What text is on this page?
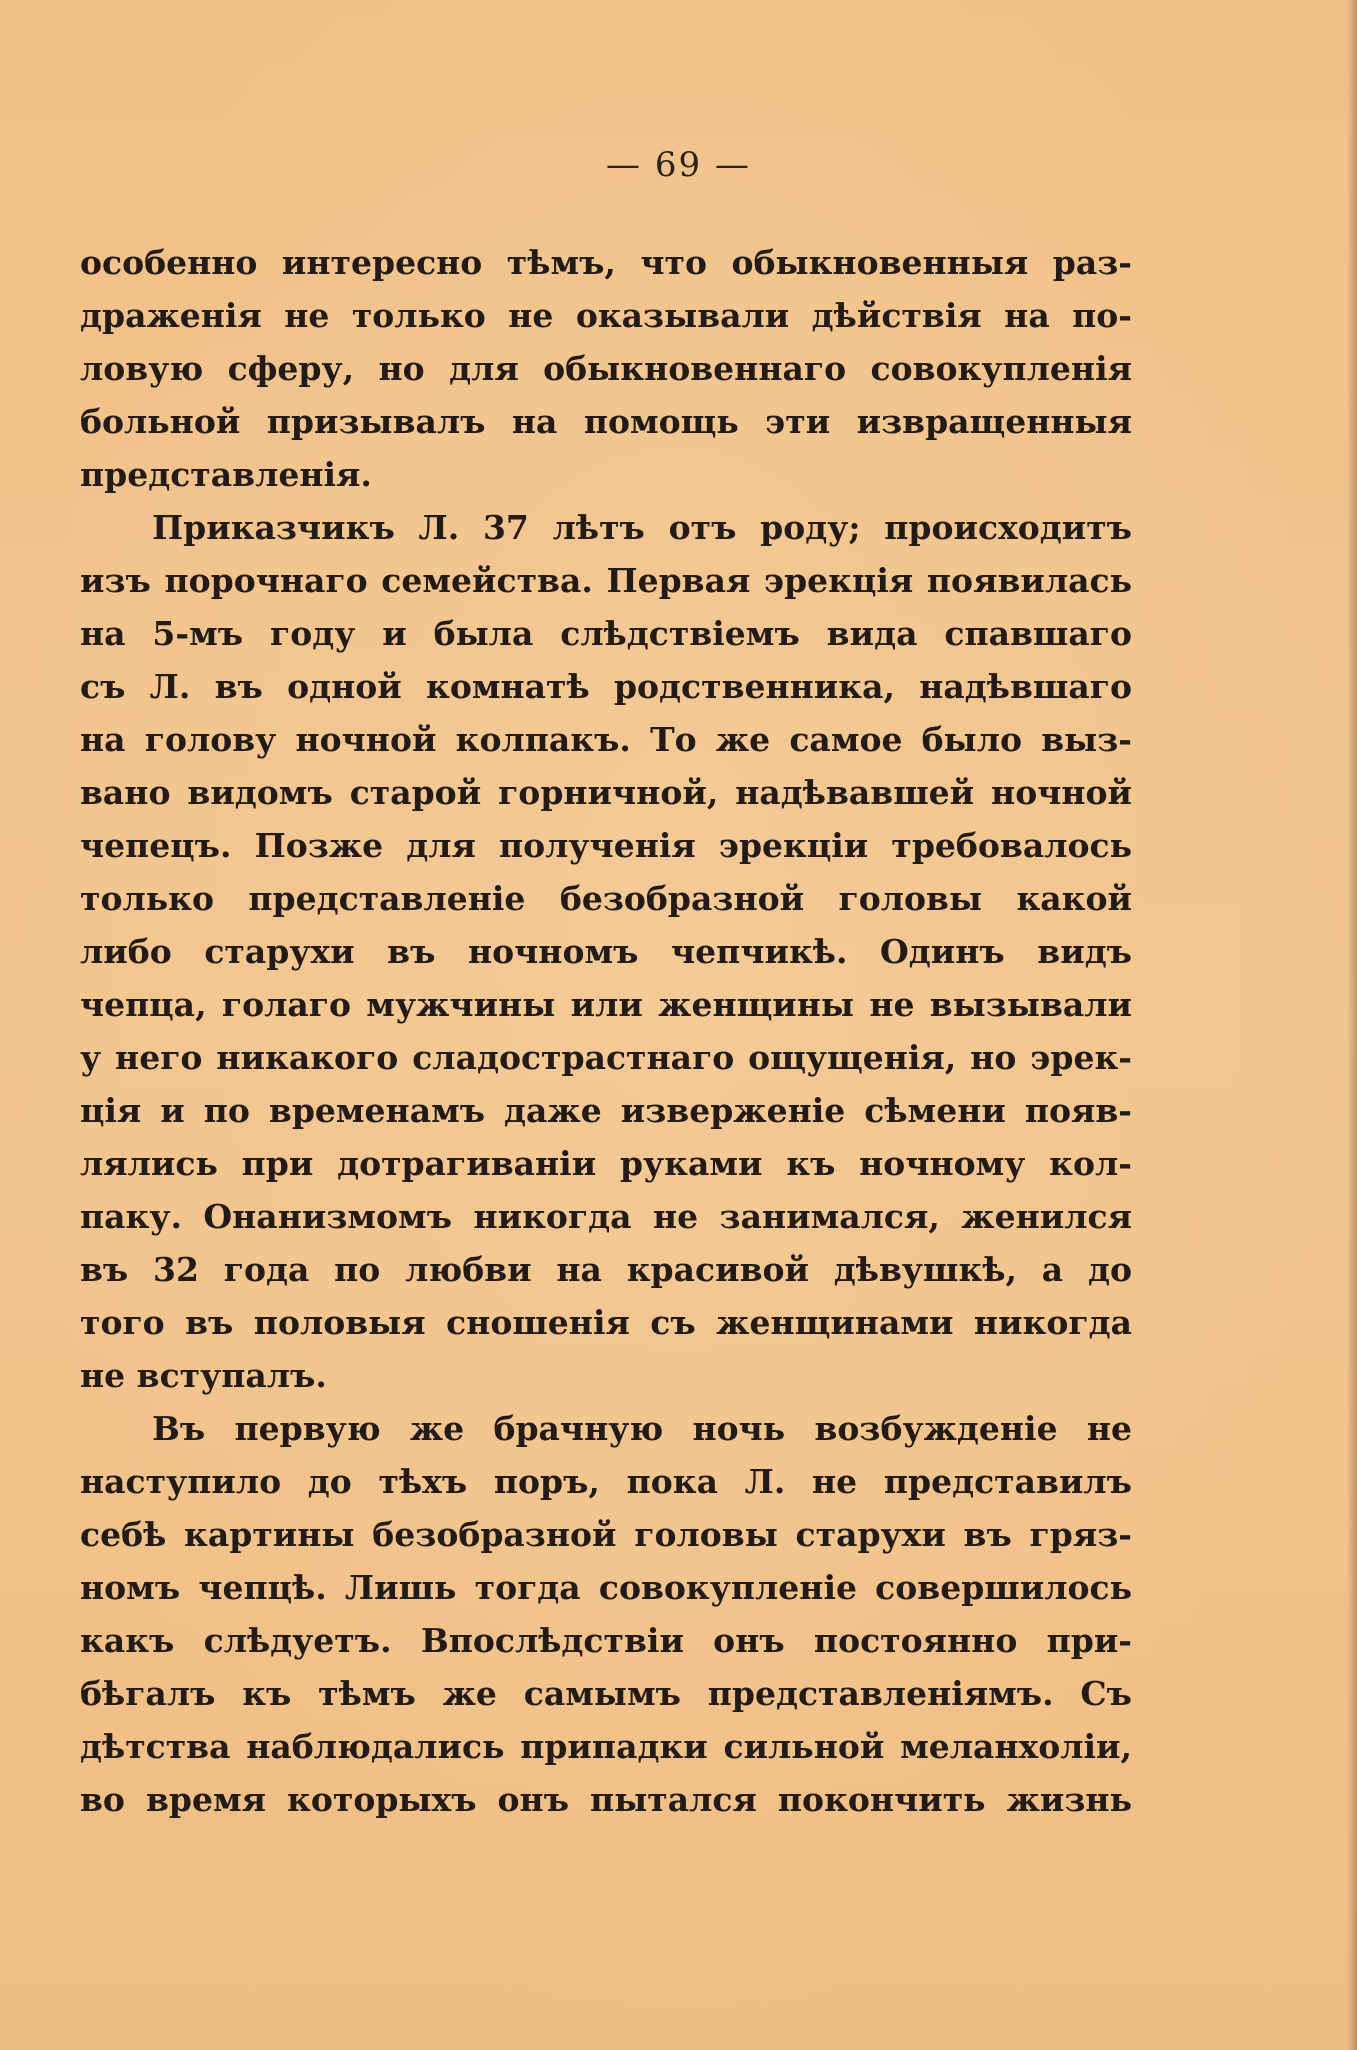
— 69 —
особенно интересно тѣмъ, что обыкновенныя раз-
драженія не только не оказывали дѣйствія на по-
ловую сферу, но для обыкновеннаго совокупленія
больной призывалъ на помощь эти извращенныя
представленія.
Приказчикъ Л. 37 лѣтъ отъ роду; происходитъ
изъ порочнаго семейства. Первая эрекція появилась
на 5-мъ году и была слѣдствіемъ вида спавшаго
съ Л. въ одной комнатѣ родственника, надѣвшаго
на голову ночной колпакъ. То же самое было выз-
вано видомъ старой горничной, надѣвавшей ночной
чепецъ. Позже для полученія эрекціи требовалось
только представленіе безобразной головы какой
либо старухи въ ночномъ чепчикѣ. Одинъ видъ
чепца, голаго мужчины или женщины не вызывали
у него никакого сладострастнаго ощущенія, но эрек-
ція и по временамъ даже изверженіе сѣмени появ-
лялись при дотрагиваніи руками къ ночному кол-
паку. Онанизмомъ никогда не занимался, женился
въ 32 года по любви на красивой дѣвушкѣ, а до
того въ половыя сношенія съ женщинами никогда
не вступалъ.
Въ первую же брачную ночь возбужденіе не
наступило до тѣхъ поръ, пока Л. не представилъ
себѣ картины безобразной головы старухи въ гряз-
номъ чепцѣ. Лишь тогда совокупленіе совершилось
какъ слѣдуетъ. Впослѣдствіи онъ постоянно при-
бѣгалъ къ тѣмъ же самымъ представленіямъ. Съ
дѣтства наблюдались припадки сильной меланхоліи,
во время которыхъ онъ пытался покончить жизнь
